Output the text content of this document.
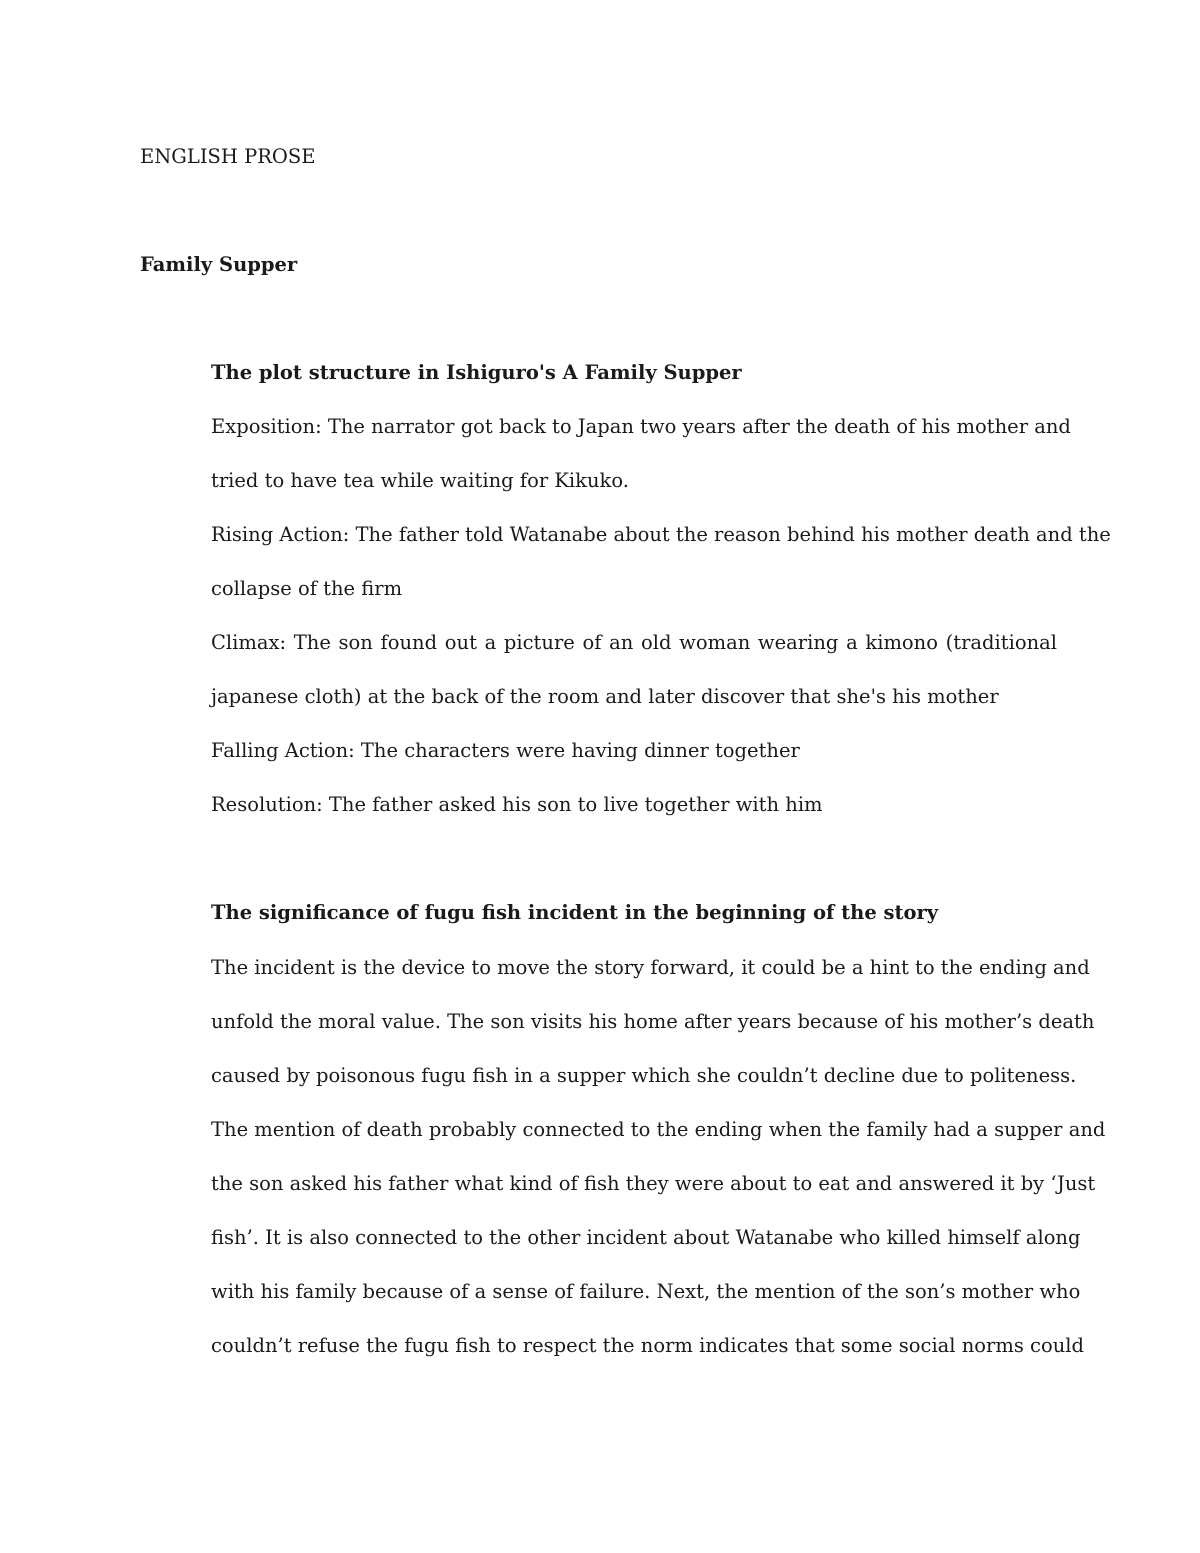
ENGLISH PROSE

Family Supper

The plot structure in Ishiguro's A Family Supper

Exposition: The narrator got back to Japan two years after the death of his mother and

tried to have tea while waiting for Kikuko.

Rising Action: The father told Watanabe about the reason behind his mother death and the

collapse of the firm

Climax: The son found out a picture of an old woman wearing a kimono (traditional

japanese cloth) at the back of the room and later discover that she's his mother

Falling Action: The characters were having dinner together

Resolution: The father asked his son to live together with him

The significance of fugu fish incident in the beginning of the story

The incident is the device to move the story forward, it could be a hint to the ending and

unfold the moral value. The son visits his home after years because of his mother’s death

caused by poisonous fugu fish in a supper which she couldn’t decline due to politeness.

The mention of death probably connected to the ending when the family had a supper and

the son asked his father what kind of fish they were about to eat and answered it by ‘Just

fish’. It is also connected to the other incident about Watanabe who killed himself along

with his family because of a sense of failure. Next, the mention of the son’s mother who

couldn’t refuse the fugu fish to respect the norm indicates that some social norms could
